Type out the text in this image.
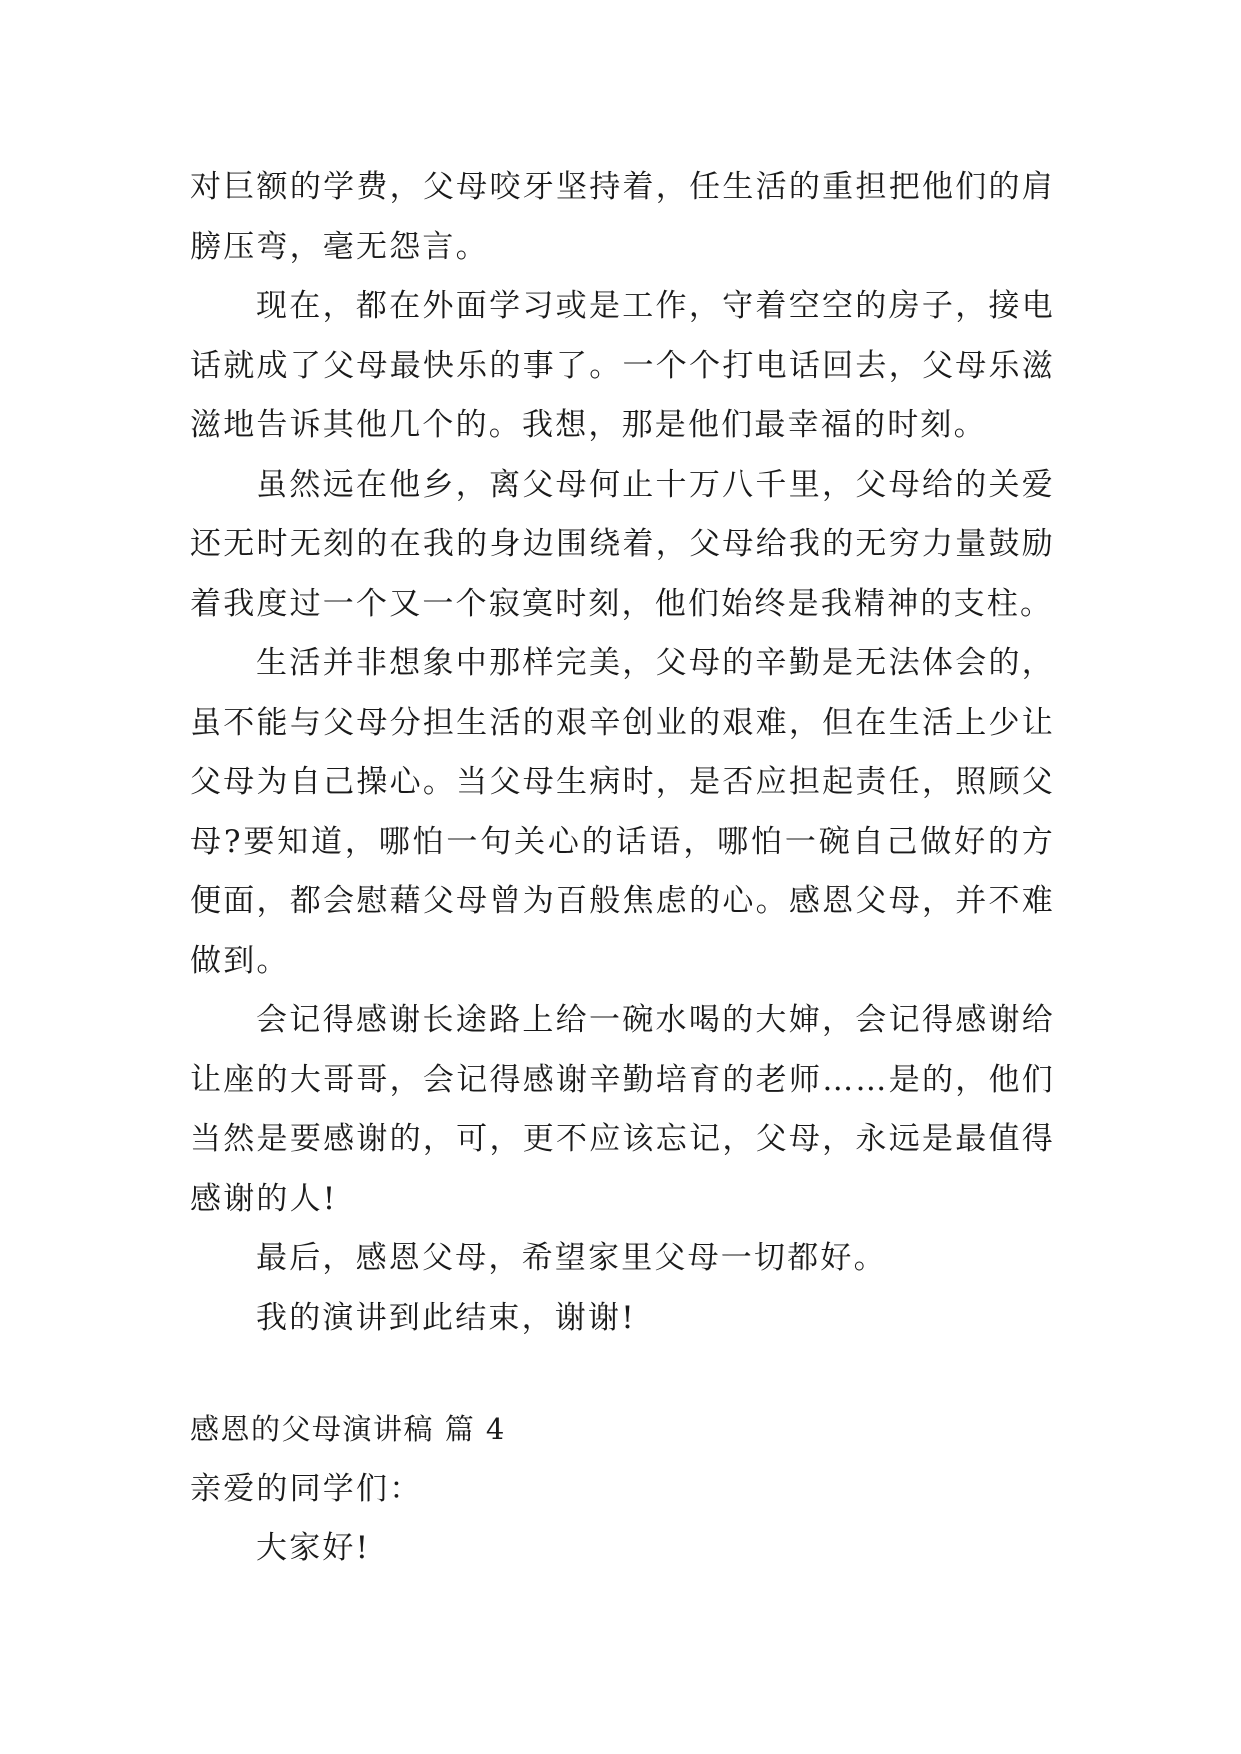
对巨额的学费，父母咬牙坚持着，任生活的重担把他们的肩膀压弯，毫无怨言。

现在，都在外面学习或是工作，守着空空的房子，接电话就成了父母最快乐的事了。一个个打电话回去，父母乐滋滋地告诉其他几个的。我想，那是他们最幸福的时刻。

虽然远在他乡，离父母何止十万八千里，父母给的关爱还无时无刻的在我的身边围绕着，父母给我的无穷力量鼓励着我度过一个又一个寂寞时刻，他们始终是我精神的支柱。

生活并非想象中那样完美，父母的辛勤是无法体会的，虽不能与父母分担生活的艰辛创业的艰难，但在生活上少让父母为自己操心。当父母生病时，是否应担起责任，照顾父母?要知道，哪怕一句关心的话语，哪怕一碗自己做好的方便面，都会慰藉父母曾为百般焦虑的心。感恩父母，并不难做到。

会记得感谢长途路上给一碗水喝的大婶，会记得感谢给让座的大哥哥，会记得感谢辛勤培育的老师……是的，他们当然是要感谢的，可，更不应该忘记，父母，永远是最值得感谢的人!

最后，感恩父母，希望家里父母一切都好。

我的演讲到此结束，谢谢!

感恩的父母演讲稿 篇 4

亲爱的同学们：

大家好!
